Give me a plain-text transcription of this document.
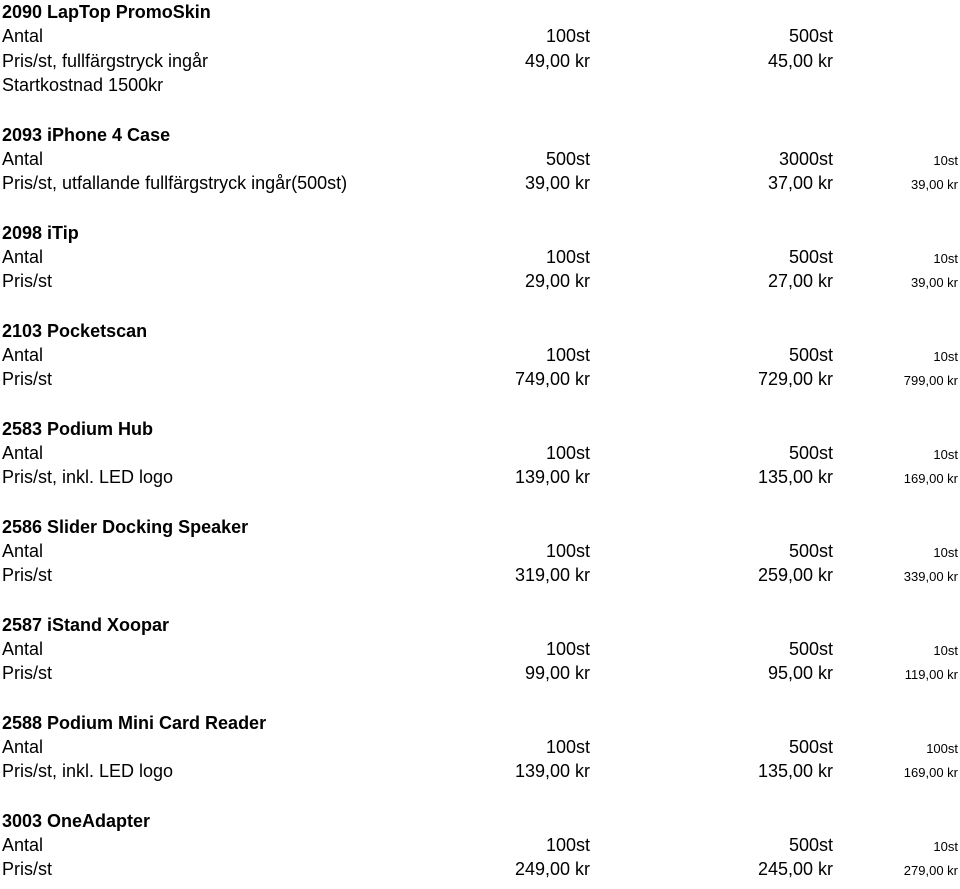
2090 LapTop PromoSkin
Antal	100st	500st
Pris/st, fullfärgstryck ingår	49,00 kr	45,00 kr
Startkostnad 1500kr
2093 iPhone 4 Case
Antal	500st	3000st	10st
Pris/st, utfallande fullfärgstryck ingår(500st)	39,00 kr	37,00 kr	39,00 kr
2098 iTip
Antal	100st	500st	10st
Pris/st	29,00 kr	27,00 kr	39,00 kr
2103 Pocketscan
Antal	100st	500st	10st
Pris/st	749,00 kr	729,00 kr	799,00 kr
2583 Podium Hub
Antal	100st	500st	10st
Pris/st, inkl. LED logo	139,00 kr	135,00 kr	169,00 kr
2586 Slider Docking Speaker
Antal	100st	500st	10st
Pris/st	319,00 kr	259,00 kr	339,00 kr
2587 iStand Xoopar
Antal	100st	500st	10st
Pris/st	99,00 kr	95,00 kr	119,00 kr
2588 Podium Mini Card Reader
Antal	100st	500st	100st
Pris/st, inkl. LED logo	139,00 kr	135,00 kr	169,00 kr
3003 OneAdapter
Antal	100st	500st	10st
Pris/st	249,00 kr	245,00 kr	279,00 kr
